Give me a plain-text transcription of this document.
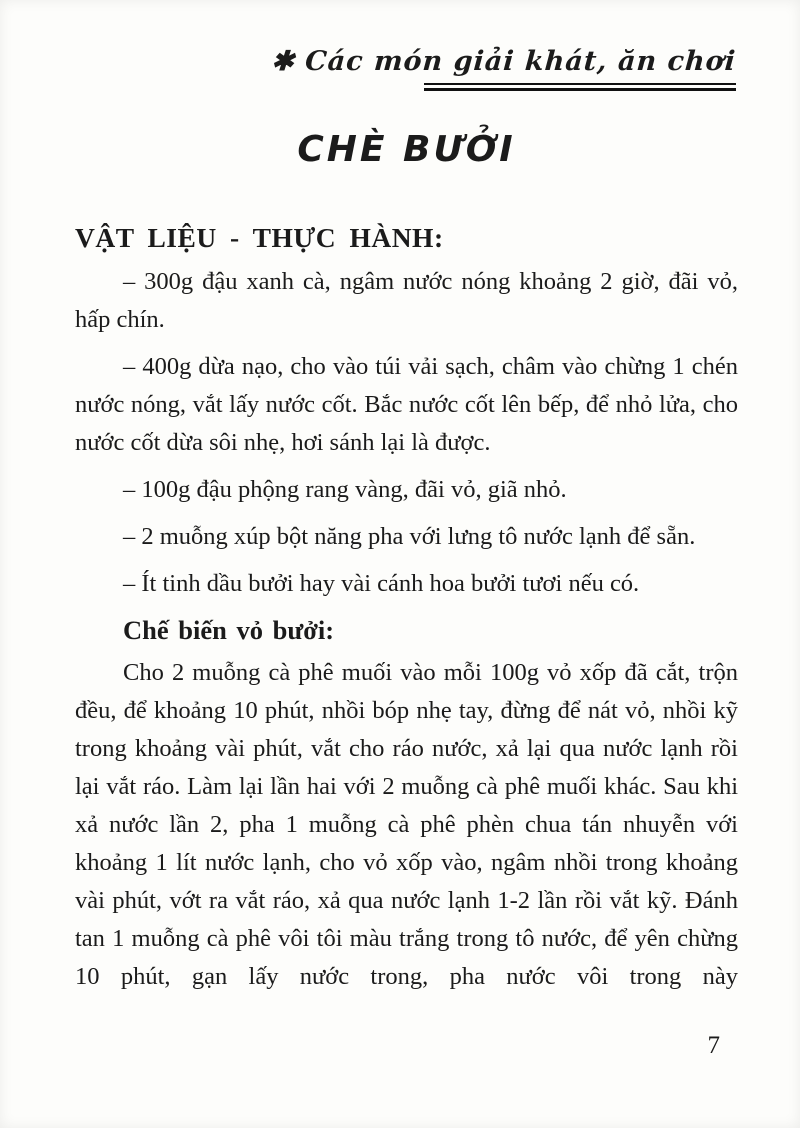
✱ Các món giải khát, ăn chơi
CHÈ BƯỞI
VẬT LIỆU - THỰC HÀNH:

– 300g đậu xanh cà, ngâm nước nóng khoảng 2 giờ, đãi vỏ, hấp chín.

– 400g dừa nạo, cho vào túi vải sạch, châm vào chừng 1 chén nước nóng, vắt lấy nước cốt. Bắc nước cốt lên bếp, để nhỏ lửa, cho nước cốt dừa sôi nhẹ, hơi sánh lại là được.

– 100g đậu phộng rang vàng, đãi vỏ, giã nhỏ.

– 2 muỗng xúp bột năng pha với lưng tô nước lạnh để sẵn.

– Ít tinh dầu bưởi hay vài cánh hoa bưởi tươi nếu có.

Chế biến vỏ bưởi:

Cho 2 muỗng cà phê muối vào mỗi 100g vỏ xốp đã cắt, trộn đều, để khoảng 10 phút, nhồi bóp nhẹ tay, đừng để nát vỏ, nhồi kỹ trong khoảng vài phút, vắt cho ráo nước, xả lại qua nước lạnh rồi lại vắt ráo. Làm lại lần hai với 2 muỗng cà phê muối khác. Sau khi xả nước lần 2, pha 1 muỗng cà phê phèn chua tán nhuyễn với khoảng 1 lít nước lạnh, cho vỏ xốp vào, ngâm nhồi trong khoảng vài phút, vớt ra vắt ráo, xả qua nước lạnh 1-2 lần rồi vắt kỹ. Đánh tan 1 muỗng cà phê vôi tôi màu trắng trong tô nước, để yên chừng 10 phút, gạn lấy nước trong, pha nước vôi trong này

7
